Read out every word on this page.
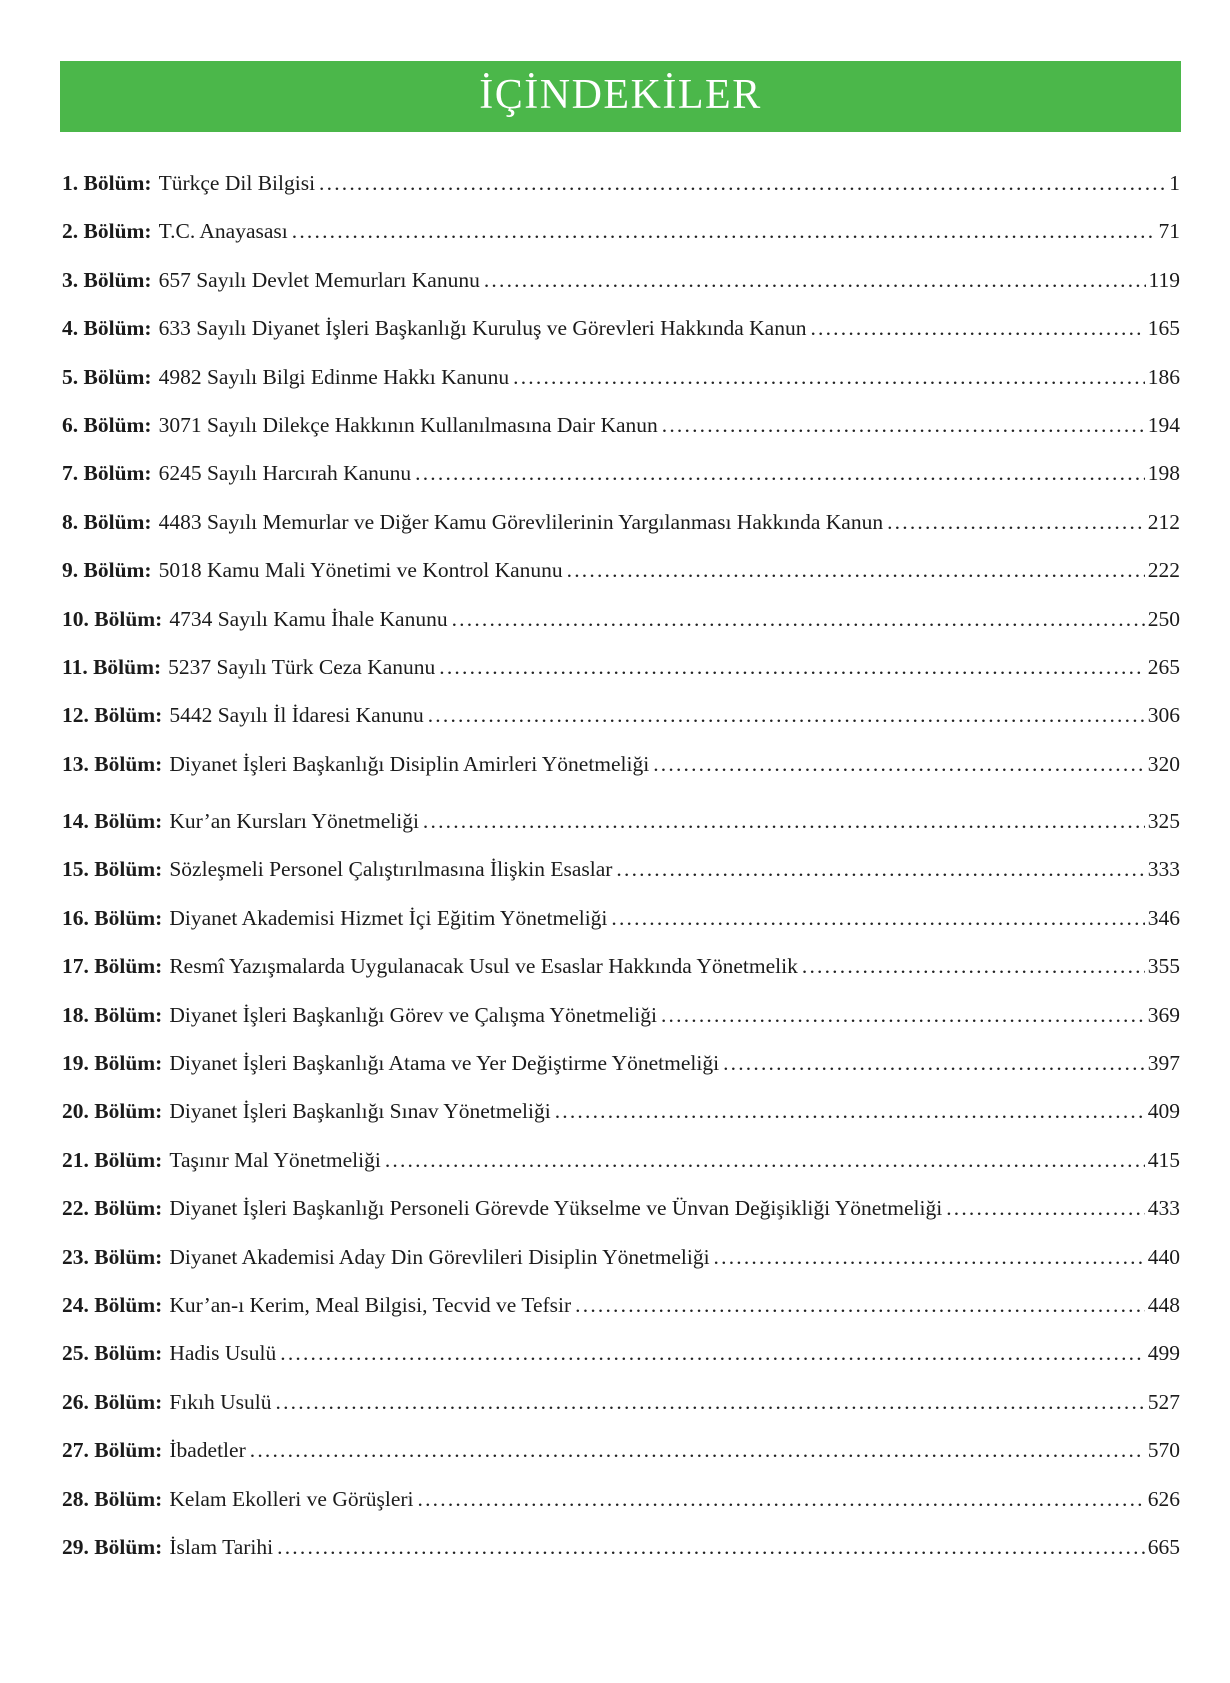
İÇİNDEKİLER
1. Bölüm: Türkçe Dil Bilgisi .....	1
2. Bölüm: T.C. Anayasası .....	71
3. Bölüm: 657 Sayılı Devlet Memurları Kanunu .....	119
4. Bölüm: 633 Sayılı Diyanet İşleri Başkanlığı Kuruluş ve Görevleri Hakkında Kanun .....	165
5. Bölüm: 4982 Sayılı Bilgi Edinme Hakkı Kanunu .....	186
6. Bölüm: 3071 Sayılı Dilekçe Hakkının Kullanılmasına Dair Kanun .....	194
7. Bölüm: 6245 Sayılı Harcırah Kanunu .....	198
8. Bölüm: 4483 Sayılı Memurlar ve Diğer Kamu Görevlilerinin Yargılanması Hakkında Kanun .....	212
9. Bölüm: 5018 Kamu Mali Yönetimi ve Kontrol Kanunu .....	222
10. Bölüm: 4734 Sayılı Kamu İhale Kanunu .....	250
11. Bölüm: 5237 Sayılı Türk Ceza Kanunu .....	265
12. Bölüm: 5442 Sayılı İl İdaresi Kanunu .....	306
13. Bölüm: Diyanet İşleri Başkanlığı Disiplin Amirleri Yönetmeliği .....	320
14. Bölüm: Kur’an Kursları Yönetmeliği .....	325
15. Bölüm: Sözleşmeli Personel Çalıştırılmasına İlişkin Esaslar .....	333
16. Bölüm: Diyanet Akademisi Hizmet İçi Eğitim Yönetmeliği .....	346
17. Bölüm: Resmî Yazışmalarda Uygulanacak Usul ve Esaslar Hakkında Yönetmelik .....	355
18. Bölüm: Diyanet İşleri Başkanlığı Görev ve Çalışma Yönetmeliği .....	369
19. Bölüm: Diyanet İşleri Başkanlığı Atama ve Yer Değiştirme Yönetmeliği .....	397
20. Bölüm: Diyanet İşleri Başkanlığı Sınav Yönetmeliği .....	409
21. Bölüm: Taşınır Mal Yönetmeliği .....	415
22. Bölüm: Diyanet İşleri Başkanlığı Personeli Görevde Yükselme ve Ünvan Değişikliği Yönetmeliği .....	433
23. Bölüm: Diyanet Akademisi Aday Din Görevlileri Disiplin Yönetmeliği .....	440
24. Bölüm: Kur’an-ı Kerim, Meal Bilgisi, Tecvid ve Tefsir .....	448
25. Bölüm: Hadis Usulü .....	499
26. Bölüm: Fıkıh Usulü .....	527
27. Bölüm: İbadetler .....	570
28. Bölüm: Kelam Ekolleri ve Görüşleri .....	626
29. Bölüm: İslam Tarihi .....	665
